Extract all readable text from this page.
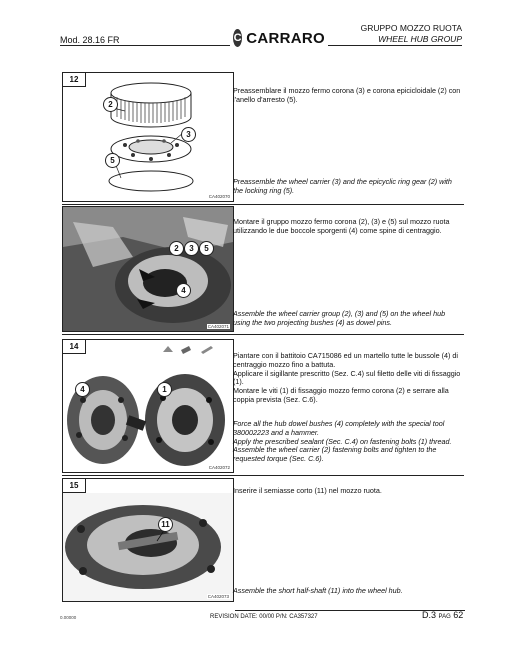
Mod. 28.16 FR	C CARRARO
GRUPPO MOZZO RUOTA
WHEEL HUB GROUP
12
2
3
5
CA402070
Preassemblare il mozzo fermo corona (3) e corona epicicloidale (2) con l'anello d'arresto (5).
Preassemble the wheel carrier (3) and the epicyclic ring gear (2) with the locking ring (5).
2	3	5
4
CA402071
Montare il gruppo mozzo fermo corona (2), (3) e (5) sul mozzo ruota utilizzando le due boccole sporgenti (4) come spine di centraggio.
Assemble the wheel carrier group (2), (3) and (5) on the wheel hub using the two projecting bushes (4) as dowel pins.
14
4	1
CA402072
Piantare con il battitoio CA715086 ed un martello tutte le bussole (4) di centraggio mozzo fino a battuta.
Applicare il sigillante prescritto (Sez. C.4) sul filetto delle viti di fissaggio (1).
Montare le viti (1) di fissaggio mozzo fermo corona (2) e serrare alla coppia prevista (Sez. C.6).
Force all the hub dowel bushes (4) completely with the special tool 380002223 and a hammer.
Apply the prescribed sealant (Sec. C.4) on fastening bolts (1) thread.
Assemble the wheel carrier (2) fastening bolts and tighten to the requested torque (Sec. C.6).
15
11
CA402073
Inserire il semiasse corto (11) nel mozzo ruota.
Assemble the short half-shaft (11) into the wheel hub.
0.00000	REVISION DATE: 00/00 P/N: CA357327	D.3 PAG 62
